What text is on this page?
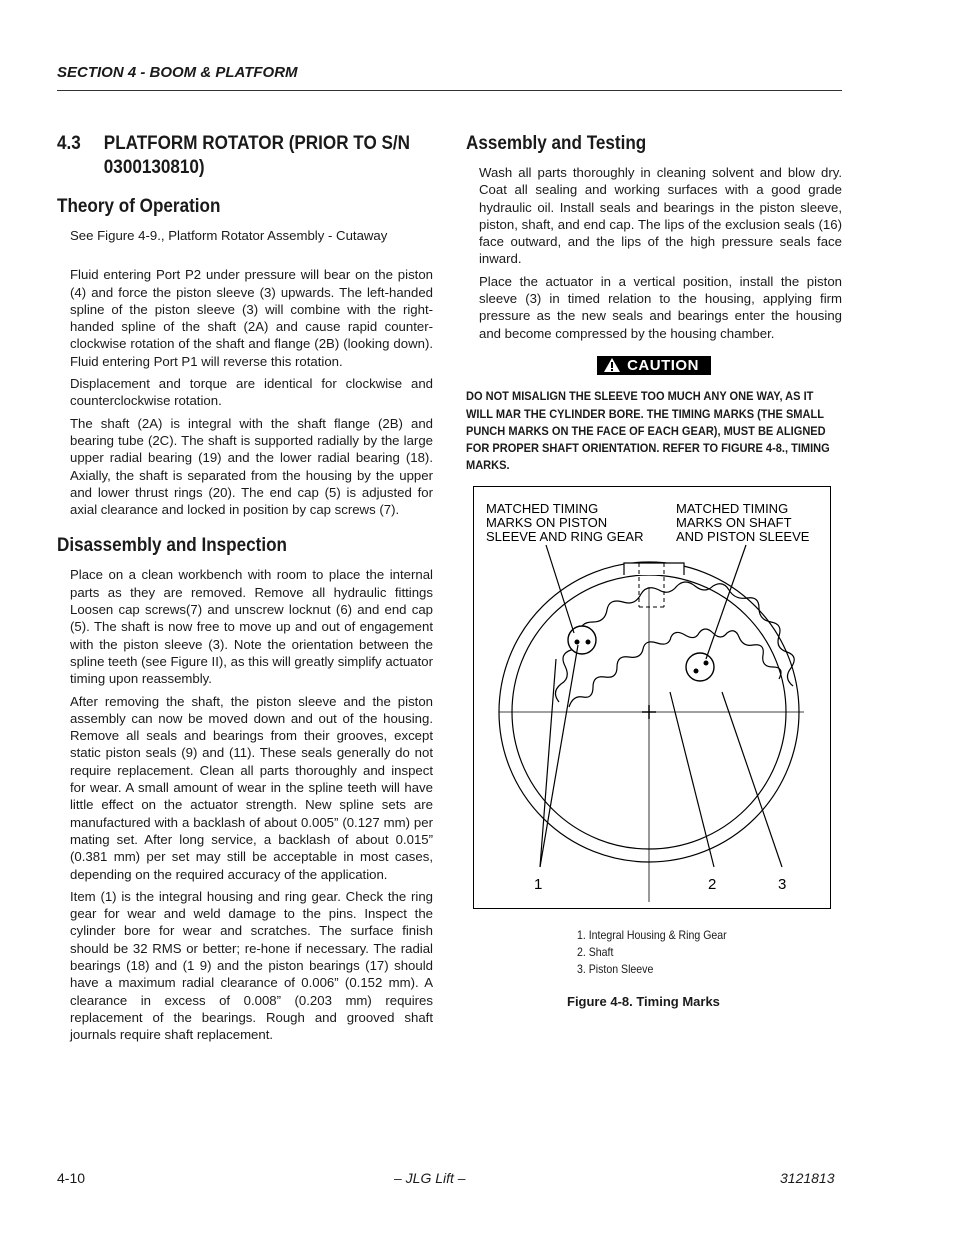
SECTION 4 - BOOM & PLATFORM
4.3	PLATFORM ROTATOR (PRIOR TO S/N 0300130810)
Theory of Operation

See Figure 4-9., Platform Rotator Assembly - Cutaway

Fluid entering Port P2 under pressure will bear on the piston (4) and force the piston sleeve (3) upwards. The left-handed spline of the piston sleeve (3) will combine with the right- handed spline of the shaft (2A) and cause rapid counter-clockwise rotation of the shaft and flange (2B) (looking down). Fluid entering Port P1 will reverse this rotation.

Displacement and torque are identical for clockwise and counterclockwise rotation.

The shaft (2A) is integral with the shaft flange (2B) and bearing tube (2C). The shaft is supported radially by the large upper radial bearing (19) and the lower radial bearing (18). Axially, the shaft is separated from the housing by the upper and lower thrust rings (20). The end cap (5) is adjusted for axial clearance and locked in position by cap screws (7).

Disassembly and Inspection

Place on a clean workbench with room to place the internal parts as they are removed. Remove all hydraulic fittings Loosen cap screws(7) and unscrew locknut (6) and end cap (5). The shaft is now free to move up and out of engagement with the piston sleeve (3). Note the orientation between the spline teeth (see Figure II), as this will greatly simplify actuator timing upon reassembly.

After removing the shaft, the piston sleeve and the piston assembly can now be moved down and out of the housing. Remove all seals and bearings from their grooves, except static piston seals (9) and (11). These seals generally do not require replacement. Clean all parts thoroughly and inspect for wear. A small amount of wear in the spline teeth will have little effect on the actuator strength. New spline sets are manufactured with a backlash of about 0.005” (0.127 mm) per mating set. After long service, a backlash of about 0.015” (0.381 mm) per set may still be acceptable in most cases, depending on the required accuracy of the application.

Item (1) is the integral housing and ring gear. Check the ring gear for wear and weld damage to the pins. Inspect the cylinder bore for wear and scratches. The surface finish should be 32 RMS or better; re-hone if necessary. The radial bearings (18) and (1 9) and the piston bearings (17) should have a maximum radial clearance of 0.006” (0.152 mm). A clearance in excess of 0.008” (0.203 mm) requires replacement of the bearings. Rough and grooved shaft journals require shaft replacement.

Assembly and Testing

Wash all parts thoroughly in cleaning solvent and blow dry. Coat all sealing and working surfaces with a good grade hydraulic oil. Install seals and bearings in the piston sleeve, piston, shaft, and end cap. The lips of the exclusion seals (16) face outward, and the lips of the high pressure seals face inward.

Place the actuator in a vertical position, install the piston sleeve (3) in timed relation to the housing, applying firm pressure as the new seals and bearings enter the housing and become compressed by the housing chamber.

CAUTION
DO NOT MISALIGN THE SLEEVE TOO MUCH ANY ONE WAY, AS IT WILL MAR THE CYLINDER BORE. THE TIMING MARKS (THE SMALL PUNCH MARKS ON THE FACE OF EACH GEAR), MUST BE ALIGNED FOR PROPER SHAFT ORIENTATION. REFER TO FIGURE 4-8., TIMING MARKS.
MATCHED TIMING
MARKS ON PISTON
SLEEVE AND RING GEAR
MATCHED TIMING
MARKS ON SHAFT
AND PISTON SLEEVE
1	2	3
1. Integral Housing & Ring Gear
2. Shaft
3. Piston Sleeve
Figure 4-8. Timing Marks
4-10	– JLG Lift –	3121813
